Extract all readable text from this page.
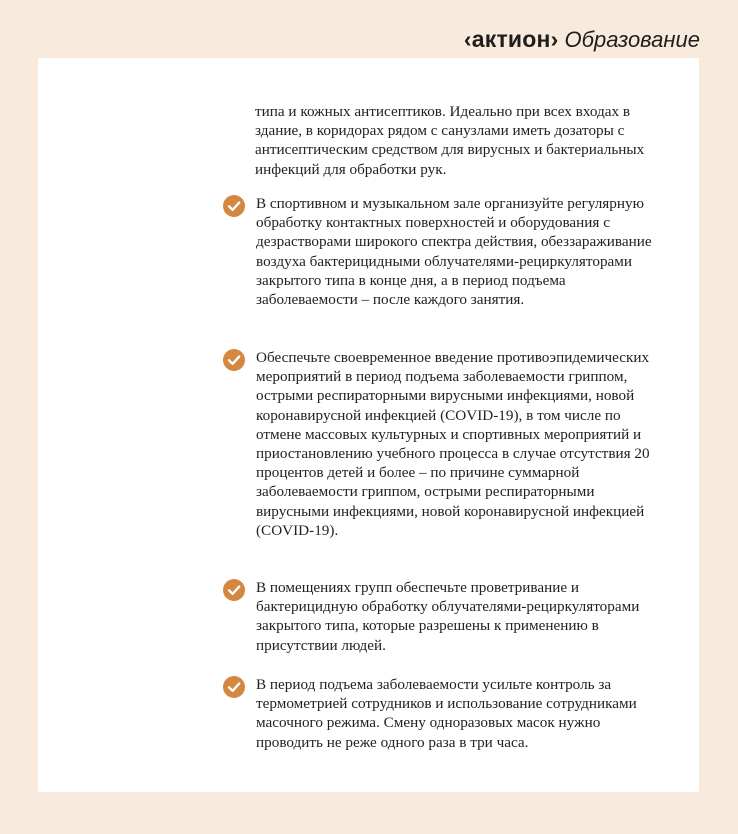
‹актион› Образование

типа и кожных антисептиков. Идеально при всех входах в здание, в коридорах рядом с санузлами иметь дозаторы с антисептическим средством для вирусных и бактериальных инфекций для обработки рук.

В спортивном и музыкальном зале организуйте регулярную обработку контактных поверхностей и оборудования с дезрастворами широкого спектра действия, обеззараживание воздуха бактерицидными облучателями-рециркуляторами закрытого типа в конце дня, а в период подъема заболеваемости – после каждого занятия.

Обеспечьте своевременное введение противоэпидемических мероприятий в период подъема заболеваемости гриппом, острыми респираторными вирусными инфекциями, новой коронавирусной инфекцией (COVID-19), в том числе по отмене массовых культурных и спортивных мероприятий и приостановлению учебного процесса в случае отсутствия 20 процентов детей и более – по причине суммарной заболеваемости гриппом, острыми респираторными вирусными инфекциями, новой коронавирусной инфекцией (COVID-19).

В помещениях групп обеспечьте проветривание и бактерицидную обработку облучателями-рециркуляторами закрытого типа, которые разрешены к применению в присутствии людей.

В период подъема заболеваемости усильте контроль за термометрией сотрудников и использование сотрудниками масочного режима. Смену одноразовых масок нужно проводить не реже одного раза в три часа.
